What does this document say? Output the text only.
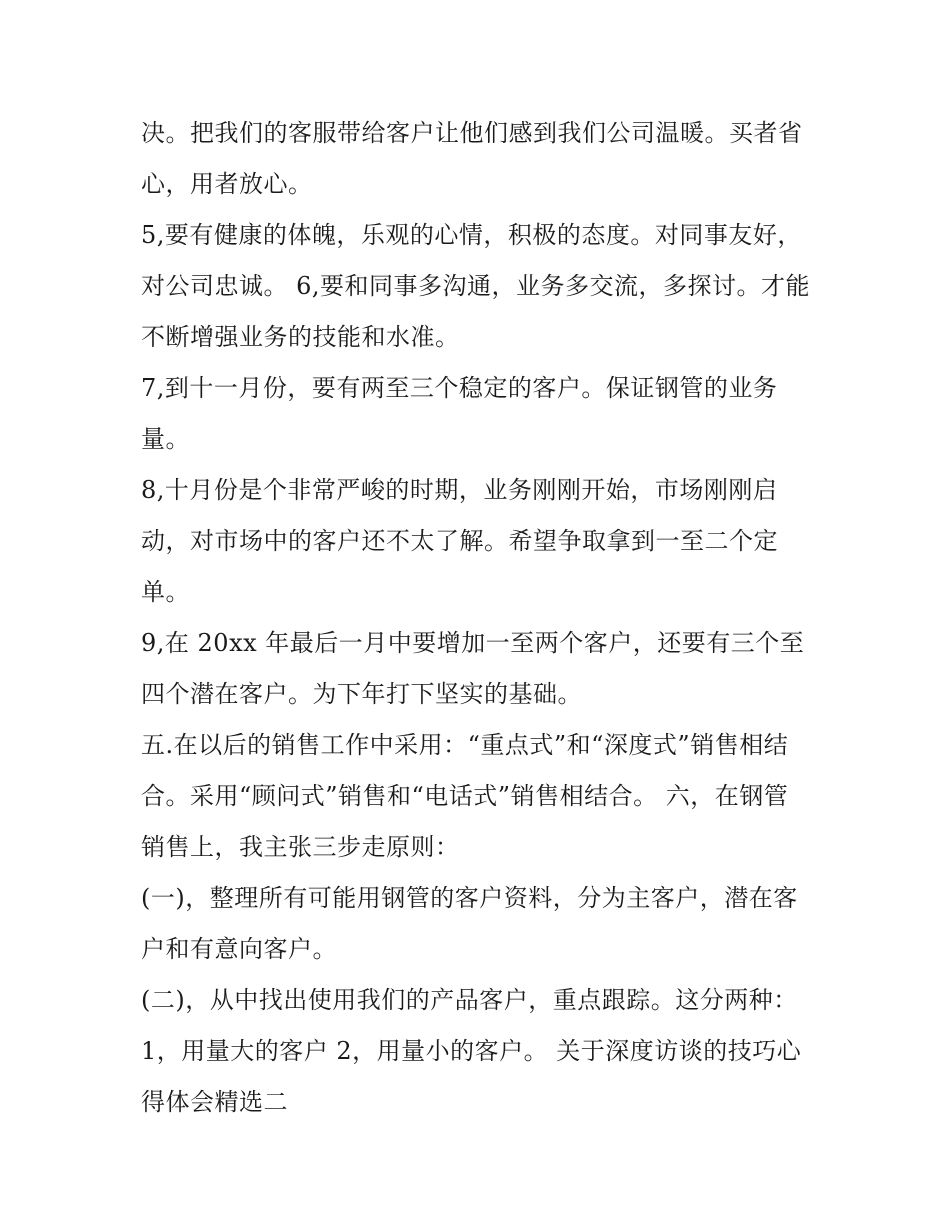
决。把我们的客服带给客户让他们感到我们公司温暖。买者省
心，用者放心。
5,要有健康的体魄，乐观的心情，积极的态度。对同事友好，
对公司忠诚。 6,要和同事多沟通，业务多交流，多探讨。才能
不断增强业务的技能和水准。
7,到十一月份，要有两至三个稳定的客户。保证钢管的业务
量。
8,十月份是个非常严峻的时期，业务刚刚开始，市场刚刚启
动，对市场中的客户还不太了解。希望争取拿到一至二个定
单。
9,在 20xx 年最后一月中要增加一至两个客户，还要有三个至
四个潜在客户。为下年打下坚实的基础。
五.在以后的销售工作中采用：“重点式”和“深度式”销售相结
合。采用“顾问式”销售和“电话式”销售相结合。 六，在钢管
销售上，我主张三步走原则：
(一)，整理所有可能用钢管的客户资料，分为主客户，潜在客
户和有意向客户。
(二)，从中找出使用我们的产品客户，重点跟踪。这分两种：
1，用量大的客户 2，用量小的客户。 关于深度访谈的技巧心
得体会精选二
